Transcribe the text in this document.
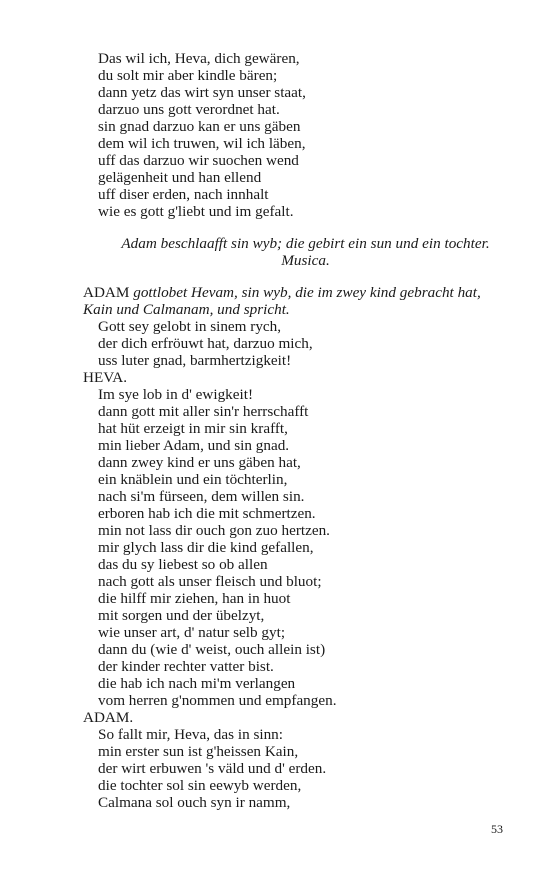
Das wil ich, Heva, dich gewären,
du solt mir aber kindle bären;
dann yetz das wirt syn unser staat,
darzuo uns gott verordnet hat.
sin gnad darzuo kan er uns gäben
dem wil ich truwen, wil ich läben,
uff das darzuo wir suochen wend
gelägenheit und han ellend
uff diser erden, nach innhalt
wie es gott g'liebt und im gefalt.
Adam beschlaafft sin wyb; die gebirt ein sun und ein tochter.
Musica.
ADAM gottlobet Hevam, sin wyb, die im zwey kind gebracht hat, Kain und Calmanam, und spricht.
Gott sey gelobt in sinem rych,
der dich erfröuwt hat, darzuo mich,
uss luter gnad, barmhertzigkeit!
HEVA.
Im sye lob in d' ewigkeit!
dann gott mit aller sin'r herrschafft
hat hüt erzeigt in mir sin krafft,
min lieber Adam, und sin gnad.
dann zwey kind er uns gäben hat,
ein knäblein und ein töchterlin,
nach si'm fürseen, dem willen sin.
erboren hab ich die mit schmertzen.
min not lass dir ouch gon zuo hertzen.
mir glych lass dir die kind gefallen,
das du sy liebest so ob allen
nach gott als unser fleisch und bluot;
die hilff mir ziehen, han in huot
mit sorgen und der übelzyt,
wie unser art, d' natur selb gyt;
dann du (wie d' weist, ouch allein ist)
der kinder rechter vatter bist.
die hab ich nach mi'm verlangen
vom herren g'nommen und empfangen.
ADAM.
So fallt mir, Heva, das in sinn:
min erster sun ist g'heissen Kain,
der wirt erbuwen 's väld und d' erden.
die tochter sol sin eewyb werden,
Calmana sol ouch syn ir namm,
53
